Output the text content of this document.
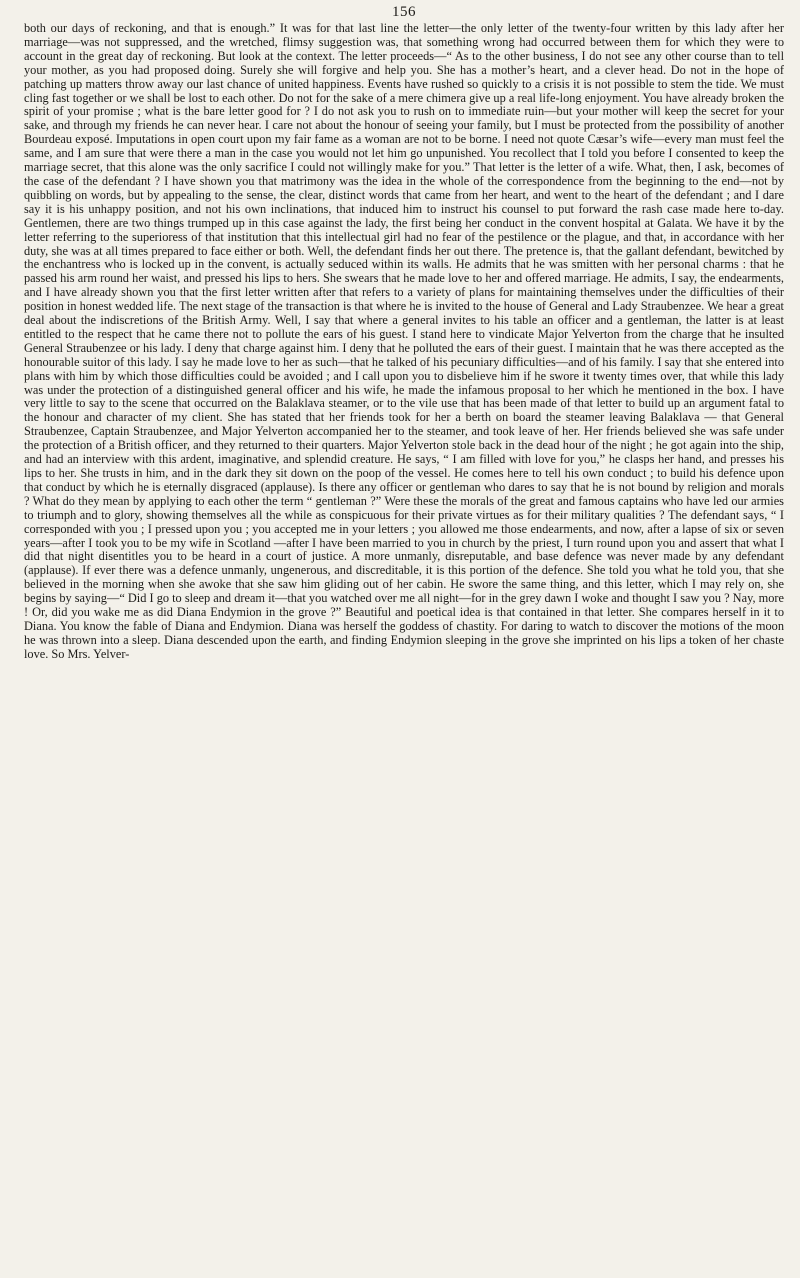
156

both our days of reckoning, and that is enough.” It was for that last line the letter—the only letter of the twenty-four written by this lady after her marriage—was not suppressed, and the wretched, flimsy suggestion was, that something wrong had occurred between them for which they were to account in the great day of reckoning. But look at the context. The letter proceeds—“ As to the other business, I do not see any other course than to tell your mother, as you had proposed doing. Surely she will forgive and help you. She has a mother’s heart, and a clever head. Do not in the hope of patching up matters throw away our last chance of united happiness. Events have rushed so quickly to a crisis it is not possible to stem the tide. We must cling fast together or we shall be lost to each other. Do not for the sake of a mere chimera give up a real life-long enjoyment. You have already broken the spirit of your promise ; what is the bare letter good for ? I do not ask you to rush on to immediate ruin—but your mother will keep the secret for your sake, and through my friends he can never hear. I care not about the honour of seeing your family, but I must be protected from the possibility of another Bourdeau exposé. Imputations in open court upon my fair fame as a woman are not to be borne. I need not quote Cæsar’s wife—every man must feel the same, and I am sure that were there a man in the case you would not let him go unpunished. You recollect that I told you before I consented to keep the marriage secret, that this alone was the only sacrifice I could not willingly make for you.” That letter is the letter of a wife. What, then, I ask, becomes of the case of the defendant ? I have shown you that matrimony was the idea in the whole of the correspondence from the beginning to the end—not by quibbling on words, but by appealing to the sense, the clear, distinct words that came from her heart, and went to the heart of the defendant ; and I dare say it is his unhappy position, and not his own inclinations, that induced him to instruct his counsel to put forward the rash case made here to-day. Gentlemen, there are two things trumped up in this case against the lady, the first being her conduct in the convent hospital at Galata. We have it by the letter referring to the superioress of that institution that this intellectual girl had no fear of the pestilence or the plague, and that, in accordance with her duty, she was at all times prepared to face either or both. Well, the defendant finds her out there. The pretence is, that the gallant defendant, bewitched by the enchantress who is locked up in the convent, is actually seduced within its walls. He admits that he was smitten with her personal charms : that he passed his arm round her waist, and pressed his lips to hers. She swears that he made love to her and offered marriage. He admits, I say, the endearments, and I have already shown you that the first letter written after that refers to a variety of plans for maintaining themselves under the difficulties of their position in honest wedded life. The next stage of the transaction is that where he is invited to the house of General and Lady Straubenzee. We hear a great deal about the indiscretions of the British Army. Well, I say that where a general invites to his table an officer and a gentleman, the latter is at least entitled to the respect that he came there not to pollute the ears of his guest. I stand here to vindicate Major Yelverton from the charge that he insulted General Straubenzee or his lady. I deny that charge against him. I deny that he polluted the ears of their guest. I maintain that he was there accepted as the honourable suitor of this lady. I say he made love to her as such—that he talked of his pecuniary difficulties—and of his family. I say that she entered into plans with him by which those difficulties could be avoided ; and I call upon you to disbelieve him if he swore it twenty times over, that while this lady was under the protection of a distinguished general officer and his wife, he made the infamous proposal to her which he mentioned in the box. I have very little to say to the scene that occurred on the Balaklava steamer, or to the vile use that has been made of that letter to build up an argument fatal to the honour and character of my client. She has stated that her friends took for her a berth on board the steamer leaving Balaklava — that General Straubenzee, Captain Straubenzee, and Major Yelverton accompanied her to the steamer, and took leave of her. Her friends believed she was safe under the protection of a British officer, and they returned to their quarters. Major Yelverton stole back in the dead hour of the night ; he got again into the ship, and had an interview with this ardent, imaginative, and splendid creature. He says, “ I am filled with love for you,” he clasps her hand, and presses his lips to her. She trusts in him, and in the dark they sit down on the poop of the vessel. He comes here to tell his own conduct ; to build his defence upon that conduct by which he is eternally disgraced (applause). Is there any officer or gentleman who dares to say that he is not bound by religion and morals ? What do they mean by applying to each other the term “ gentleman ?” Were these the morals of the great and famous captains who have led our armies to triumph and to glory, showing themselves all the while as conspicuous for their private virtues as for their military qualities ? The defendant says, “ I corresponded with you ; I pressed upon you ; you accepted me in your letters ; you allowed me those endearments, and now, after a lapse of six or seven years—after I took you to be my wife in Scotland —after I have been married to you in church by the priest, I turn round upon you and assert that what I did that night disentitles you to be heard in a court of justice. A more unmanly, disreputable, and base defence was never made by any defendant (applause). If ever there was a defence unmanly, ungenerous, and discreditable, it is this portion of the defence. She told you what he told you, that she believed in the morning when she awoke that she saw him gliding out of her cabin. He swore the same thing, and this letter, which I may rely on, she begins by saying—“ Did I go to sleep and dream it—that you watched over me all night—for in the grey dawn I woke and thought I saw you ? Nay, more ! Or, did you wake me as did Diana Endymion in the grove ?” Beautiful and poetical idea is that contained in that letter. She compares herself in it to Diana. You know the fable of Diana and Endymion. Diana was herself the goddess of chastity. For daring to watch to discover the motions of the moon he was thrown into a sleep. Diana descended upon the earth, and finding Endymion sleeping in the grove she imprinted on his lips a token of her chaste love. So Mrs. Yelver-
